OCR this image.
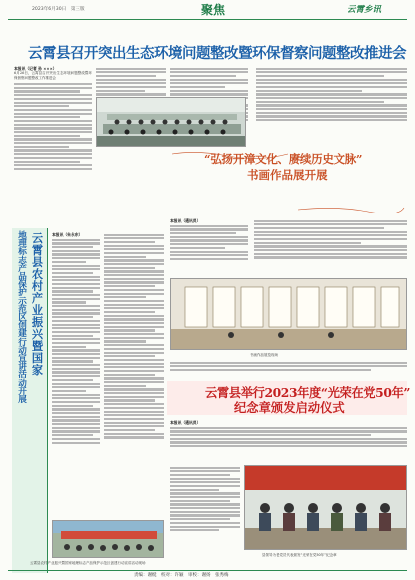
2023年6月30日　第三版	聚焦	云霄乡讯
云霄县召开突出生态环境问题整改暨环保督察问题整改推进会
本报讯（记者 孙 ×××）
6月26日，云霄县召开突出生态环境问题整改暨环保督察问题整改工作推进会
“弘扬开漳文化、赓续历史文脉”
书画作品展开展
本报讯（通讯员）
云霄县农村产业振兴暨国家
地理标志产品保护示范区创建行动宣讲活动开展
本报讯（朱永东）
云霄县农村产业振兴暨国家地理标志产品保护示范区创建行动宣讲活动现场
书画作品展览现场
云霄县举行2023年度“光荣在党50年”
纪念章颁发启动仪式
本报讯（通讯员）
县领导为老党员代表颁发“光荣在党50年”纪念章
责编：谢梃　校对：许颖　审校：谢扬　张秀梅
